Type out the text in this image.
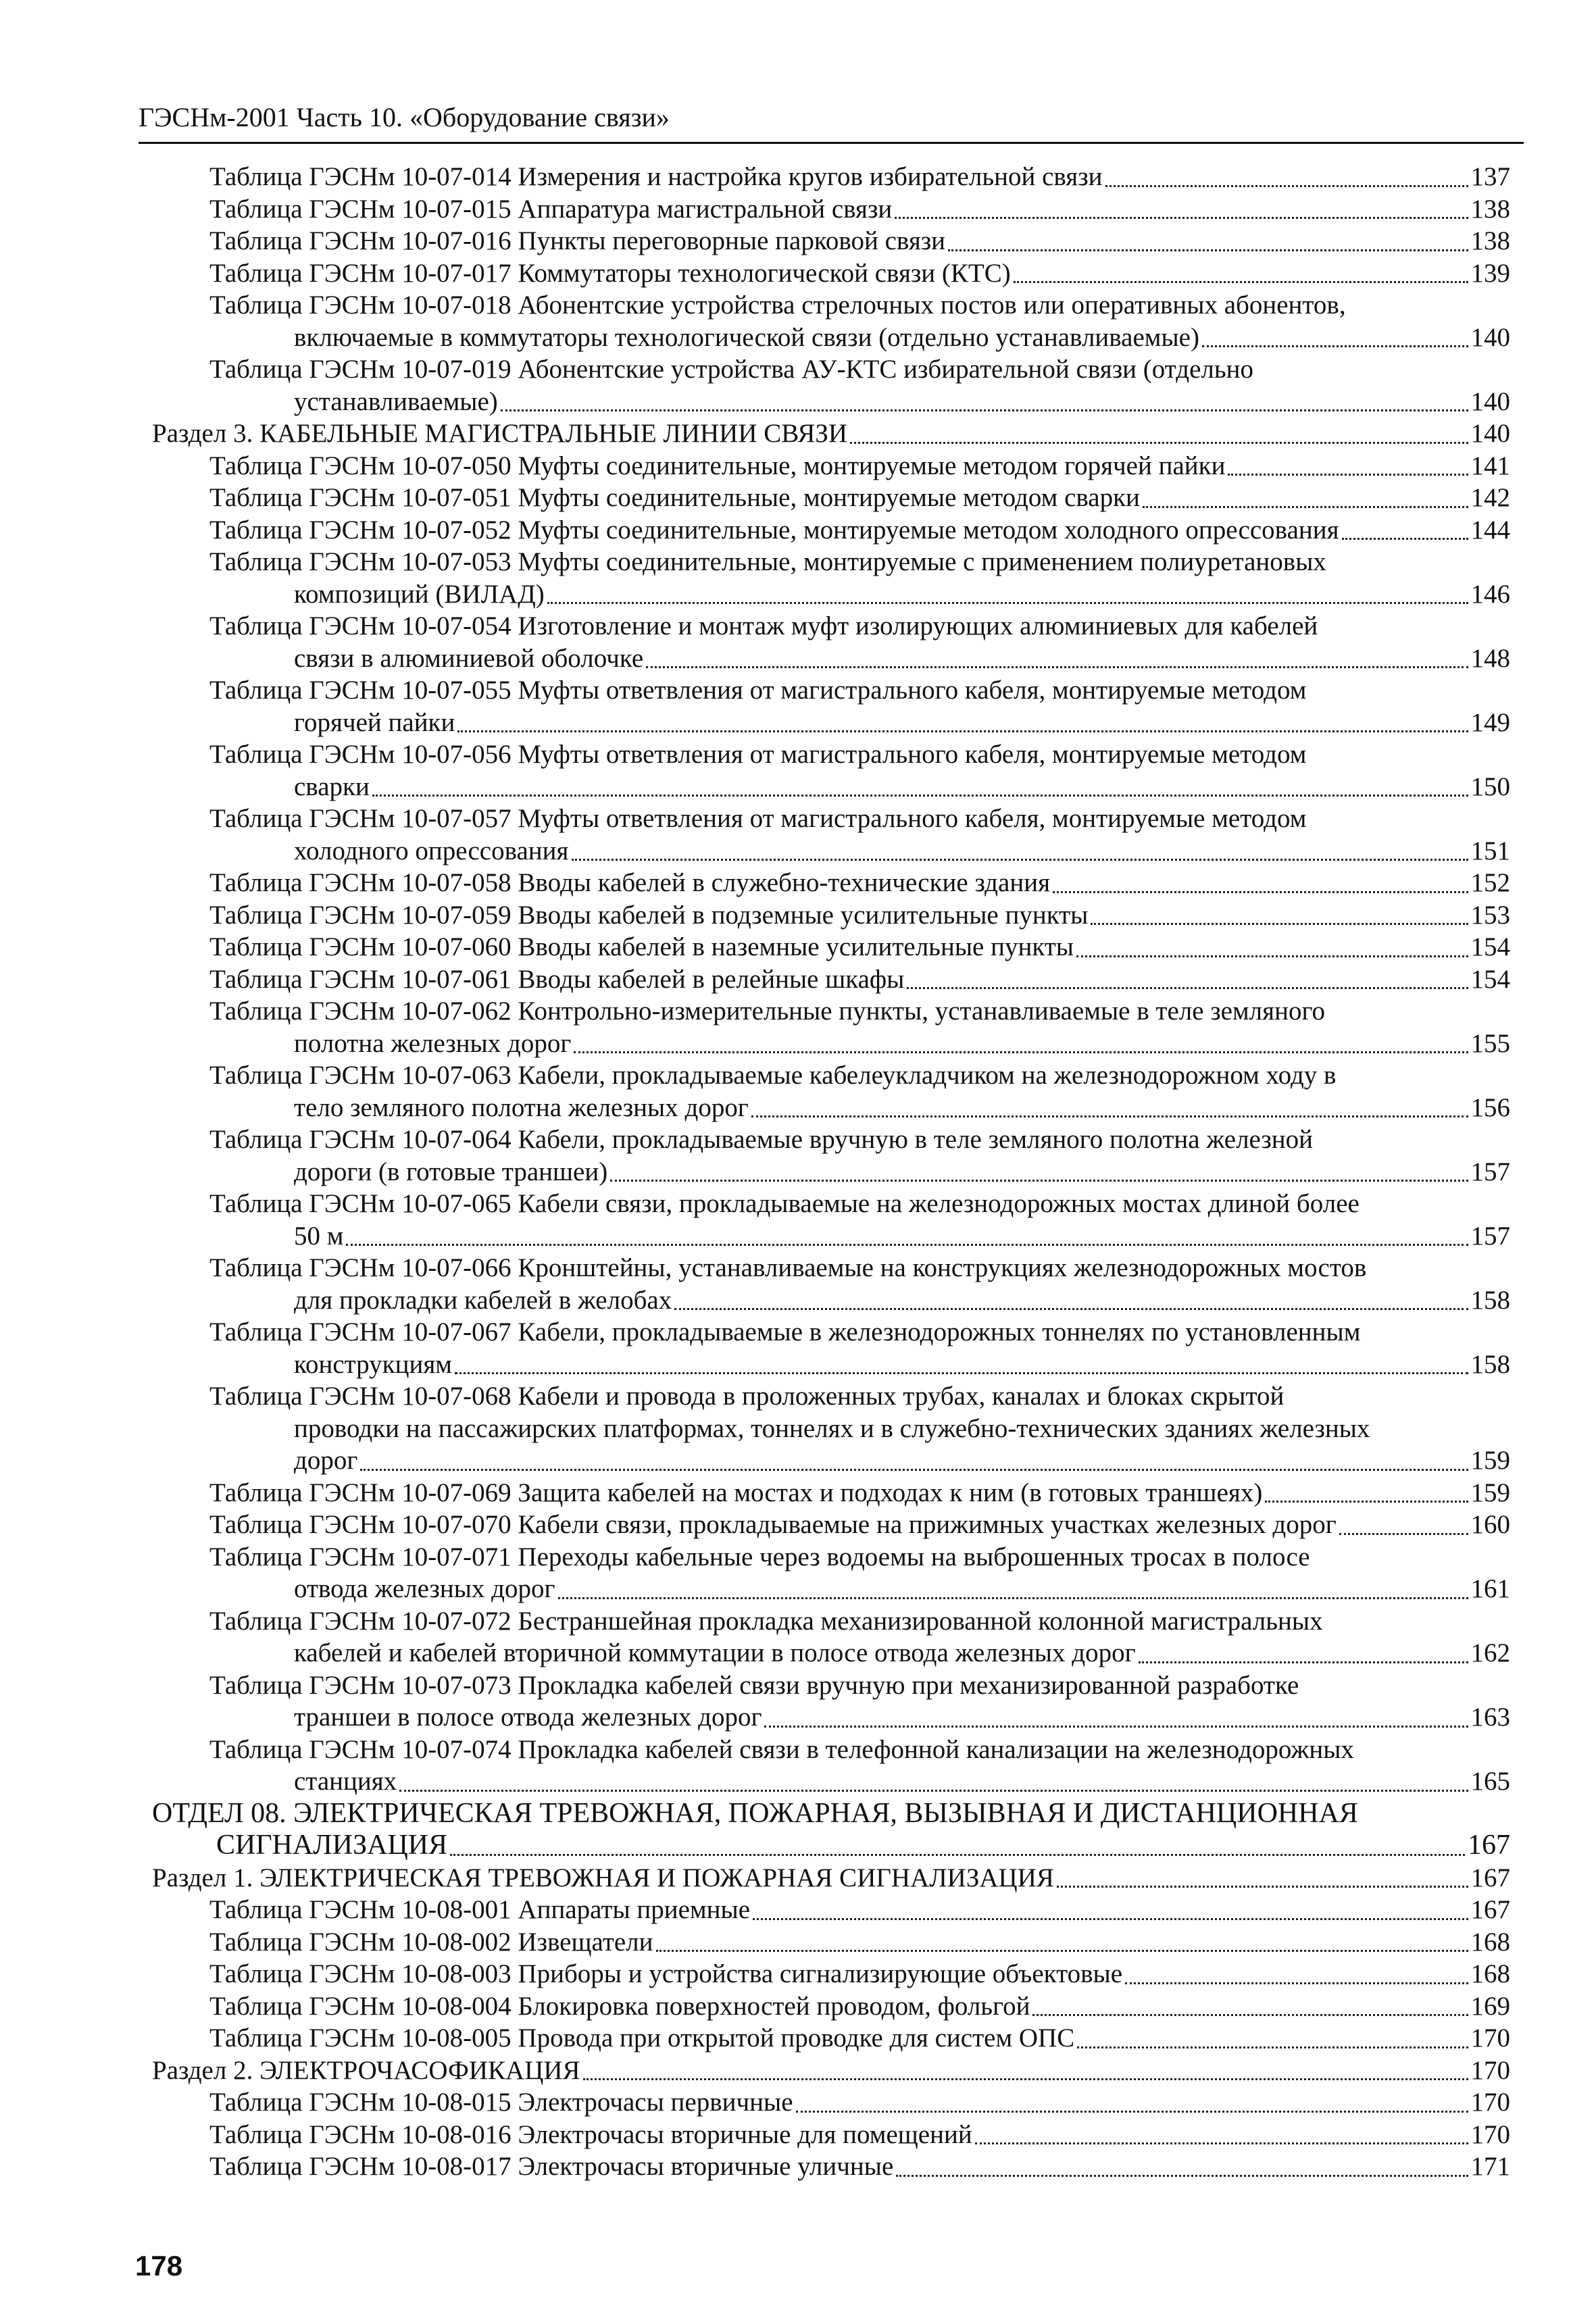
ГЭСНм-2001 Часть 10. «Оборудование связи»
Таблица ГЭСНм 10-07-014 Измерения и настройка кругов избирательной связи	137
Таблица ГЭСНм 10-07-015 Аппаратура магистральной связи	138
Таблица ГЭСНм 10-07-016 Пункты переговорные парковой связи	138
Таблица ГЭСНм 10-07-017 Коммутаторы технологической связи (КТС)	139
Таблица ГЭСНм 10-07-018 Абонентские устройства стрелочных постов или оперативных абонентов,
включаемые в коммутаторы технологической связи (отдельно устанавливаемые)	140
Таблица ГЭСНм 10-07-019 Абонентские устройства АУ-КТС избирательной связи (отдельно
устанавливаемые)	140
Раздел 3. КАБЕЛЬНЫЕ МАГИСТРАЛЬНЫЕ ЛИНИИ СВЯЗИ	140
Таблица ГЭСНм 10-07-050 Муфты соединительные, монтируемые методом горячей пайки	141
Таблица ГЭСНм 10-07-051 Муфты соединительные, монтируемые методом сварки	142
Таблица ГЭСНм 10-07-052 Муфты соединительные, монтируемые методом холодного опрессования	144
Таблица ГЭСНм 10-07-053 Муфты соединительные, монтируемые с применением полиуретановых
композиций (ВИЛАД)	146
Таблица ГЭСНм 10-07-054 Изготовление и монтаж муфт изолирующих алюминиевых для кабелей
связи в алюминиевой оболочке	148
Таблица ГЭСНм 10-07-055 Муфты ответвления от магистрального кабеля, монтируемые методом
горячей пайки	149
Таблица ГЭСНм 10-07-056 Муфты ответвления от магистрального кабеля, монтируемые методом
сварки	150
Таблица ГЭСНм 10-07-057 Муфты ответвления от магистрального кабеля, монтируемые методом
холодного опрессования	151
Таблица ГЭСНм 10-07-058 Вводы кабелей в служебно-технические здания	152
Таблица ГЭСНм 10-07-059 Вводы кабелей в подземные усилительные пункты	153
Таблица ГЭСНм 10-07-060 Вводы кабелей в наземные усилительные пункты	154
Таблица ГЭСНм 10-07-061 Вводы кабелей в релейные шкафы	154
Таблица ГЭСНм 10-07-062 Контрольно-измерительные пункты, устанавливаемые в теле земляного
полотна железных дорог	155
Таблица ГЭСНм 10-07-063 Кабели, прокладываемые кабелеукладчиком на железнодорожном ходу в
тело земляного полотна железных дорог	156
Таблица ГЭСНм 10-07-064 Кабели, прокладываемые вручную в теле земляного полотна железной
дороги (в готовые траншеи)	157
Таблица ГЭСНм 10-07-065 Кабели связи, прокладываемые на железнодорожных мостах длиной более
50 м	157
Таблица ГЭСНм 10-07-066 Кронштейны, устанавливаемые на конструкциях железнодорожных мостов
для прокладки кабелей в желобах	158
Таблица ГЭСНм 10-07-067 Кабели, прокладываемые в железнодорожных тоннелях по установленным
конструкциям	158
Таблица ГЭСНм 10-07-068 Кабели и провода в проложенных трубах, каналах и блоках скрытой
проводки на пассажирских платформах, тоннелях и в служебно-технических зданиях железных
дорог	159
Таблица ГЭСНм 10-07-069 Защита кабелей на мостах и подходах к ним (в готовых траншеях)	159
Таблица ГЭСНм 10-07-070 Кабели связи, прокладываемые на прижимных участках железных дорог	160
Таблица ГЭСНм 10-07-071 Переходы кабельные через водоемы на выброшенных тросах в полосе
отвода железных дорог	161
Таблица ГЭСНм 10-07-072 Бестраншейная прокладка механизированной колонной магистральных
кабелей и кабелей вторичной коммутации в полосе отвода железных дорог	162
Таблица ГЭСНм 10-07-073 Прокладка кабелей связи вручную при механизированной разработке
траншеи в полосе отвода железных дорог	163
Таблица ГЭСНм 10-07-074 Прокладка кабелей связи в телефонной канализации на железнодорожных
станциях	165
ОТДЕЛ 08. ЭЛЕКТРИЧЕСКАЯ ТРЕВОЖНАЯ, ПОЖАРНАЯ, ВЫЗЫВНАЯ И ДИСТАНЦИОННАЯ
СИГНАЛИЗАЦИЯ	167
Раздел 1. ЭЛЕКТРИЧЕСКАЯ ТРЕВОЖНАЯ И ПОЖАРНАЯ СИГНАЛИЗАЦИЯ	167
Таблица ГЭСНм 10-08-001 Аппараты приемные	167
Таблица ГЭСНм 10-08-002 Извещатели	168
Таблица ГЭСНм 10-08-003 Приборы и устройства сигнализирующие объектовые	168
Таблица ГЭСНм 10-08-004 Блокировка поверхностей проводом, фольгой	169
Таблица ГЭСНм 10-08-005 Провода при открытой проводке для систем ОПС	170
Раздел 2. ЭЛЕКТРОЧАСОФИКАЦИЯ	170
Таблица ГЭСНм 10-08-015 Электрочасы первичные	170
Таблица ГЭСНм 10-08-016 Электрочасы вторичные для помещений	170
Таблица ГЭСНм 10-08-017 Электрочасы вторичные уличные	171
178
